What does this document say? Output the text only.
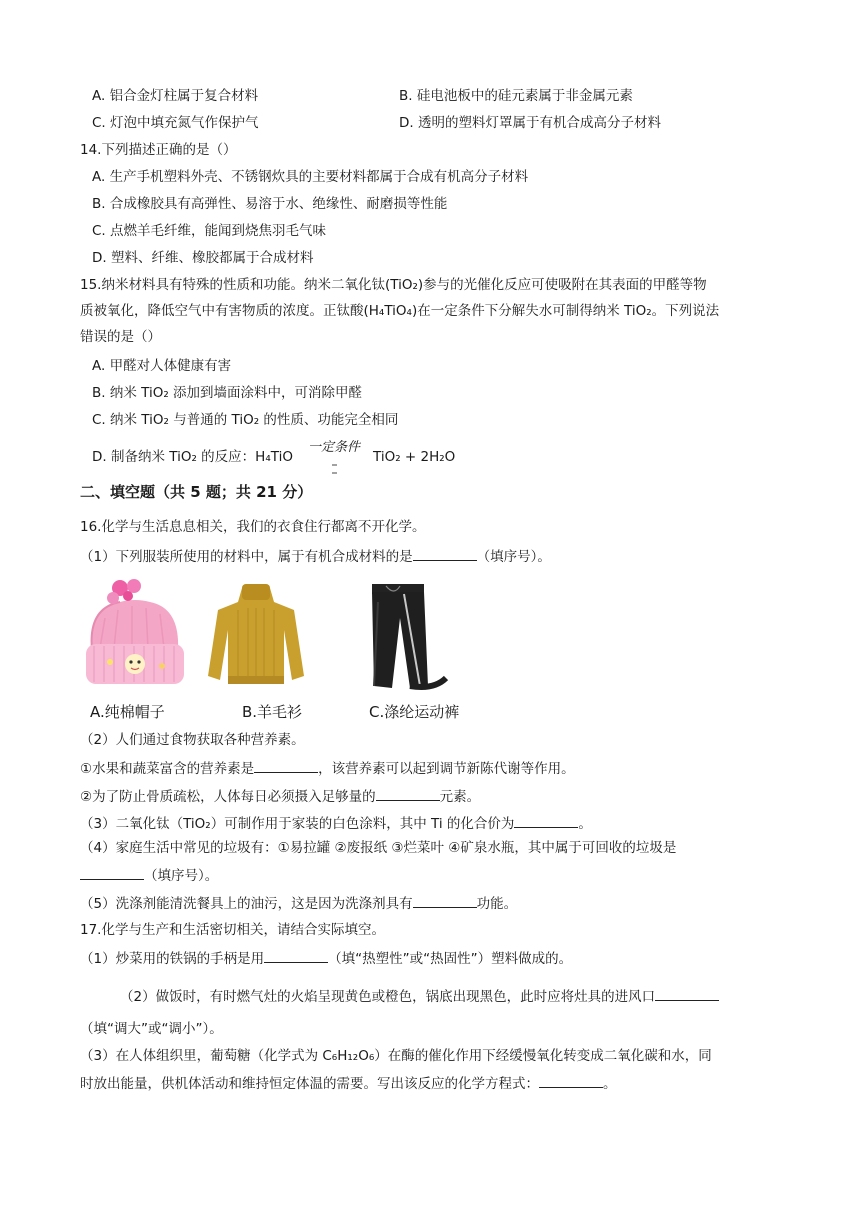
A. 铝合金灯柱属于复合材料	B. 硅电池板中的硅元素属于非金属元素
C. 灯泡中填充氮气作保护气	D. 透明的塑料灯罩属于有机合成高分子材料
14.下列描述正确的是（）
A. 生产手机塑料外壳、不锈钢炊具的主要材料都属于合成有机高分子材料
B. 合成橡胶具有高弹性、易溶于水、绝缘性、耐磨损等性能
C. 点燃羊毛纤维，能闻到烧焦羽毛气味
D. 塑料、纤维、橡胶都属于合成材料
15.纳米材料具有特殊的性质和功能。纳米二氧化钛(TiO₂)参与的光催化反应可使吸附在其表面的甲醛等物
质被氧化，降低空气中有害物质的浓度。正钛酸(H₄TiO₄)在一定条件下分解失水可制得纳米 TiO₂。下列说法
错误的是（）
A. 甲醛对人体健康有害
B. 纳米 TiO₂ 添加到墙面涂料中，可消除甲醛
C. 纳米 TiO₂ 与普通的 TiO₂ 的性质、功能完全相同
D. 制备纳米 TiO₂ 的反应：H₄TiO
一定条件
TiO₂ + 2H₂O
二、填空题（共 5 题；共 21 分）
16.化学与生活息息相关，我们的衣食住行都离不开化学。
（1）下列服装所使用的材料中，属于有机合成材料的是	（填序号）。
A.纯棉帽子	B.羊毛衫	C.涤纶运动裤
（2）人们通过食物获取各种营养素。
①水果和蔬菜富含的营养素是	，该营养素可以起到调节新陈代谢等作用。
②为了防止骨质疏松，人体每日必须摄入足够量的	元素。
（3）二氧化钛（TiO₂）可制作用于家装的白色涂料，其中 Ti 的化合价为	。
（4）家庭生活中常见的垃圾有：①易拉罐 ②废报纸 ③烂菜叶 ④矿泉水瓶，其中属于可回收的垃圾是
（填序号）。
（5）洗涤剂能清洗餐具上的油污，这是因为洗涤剂具有	功能。
17.化学与生产和生活密切相关，请结合实际填空。
（1）炒菜用的铁锅的手柄是用	（填“热塑性”或“热固性”）塑料做成的。
（2）做饭时，有时燃气灶的火焰呈现黄色或橙色，锅底出现黑色，此时应将灶具的进风口
（填“调大”或“调小”）。
（3）在人体组织里，葡萄糖（化学式为 C₆H₁₂O₆）在酶的催化作用下经缓慢氧化转变成二氧化碳和水，同
时放出能量，供机体活动和维持恒定体温的需要。写出该反应的化学方程式：	。
